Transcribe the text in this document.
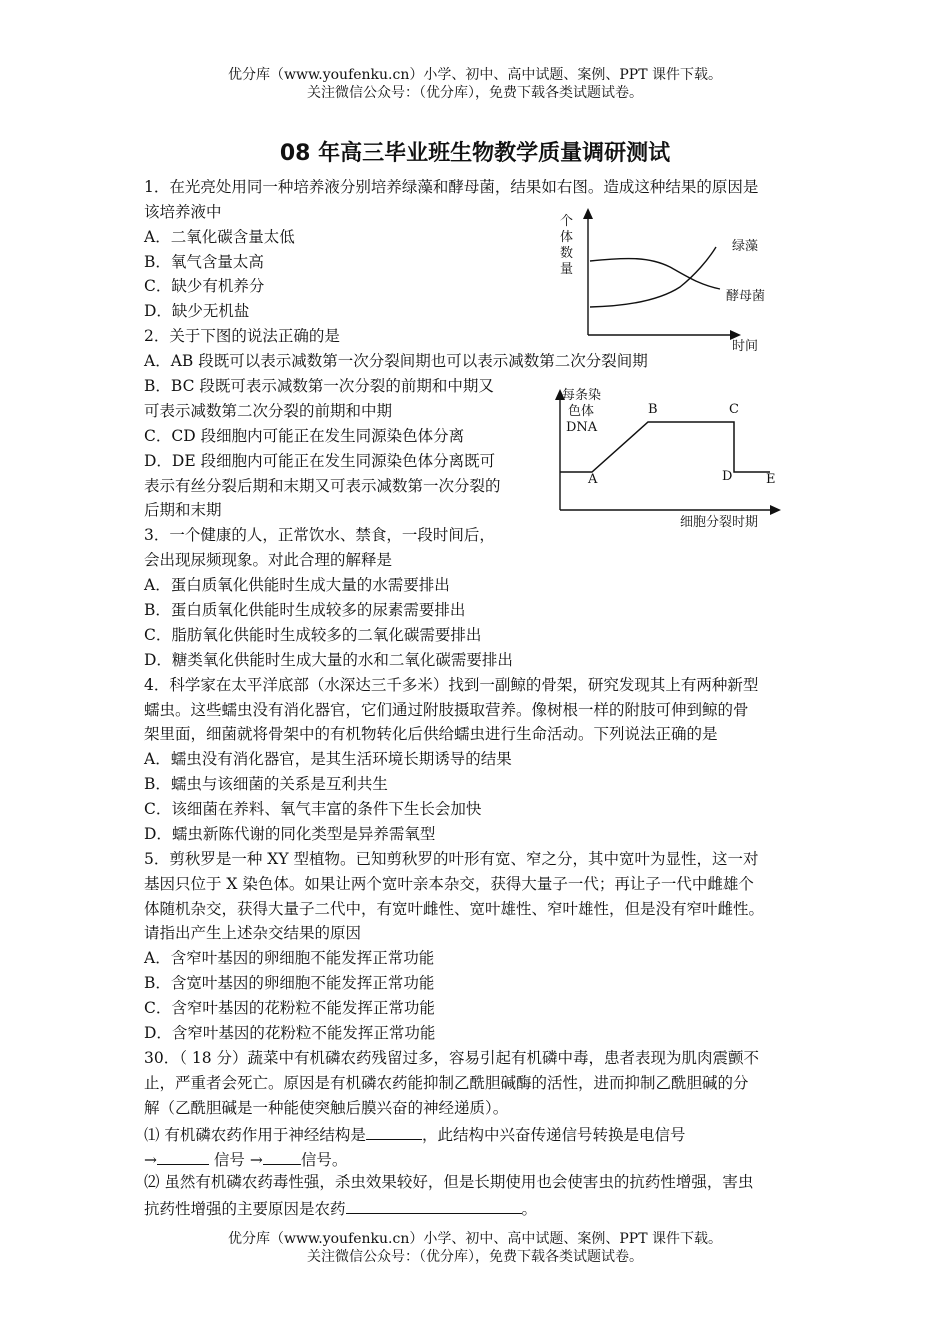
优分库（www.youfenku.cn）小学、初中、高中试题、案例、PPT 课件下载。
关注微信公众号：（优分库），免费下载各类试题试卷。
08 年高三毕业班生物教学质量调研测试
1．在光亮处用同一种培养液分别培养绿藻和酵母菌，结果如右图。造成这种结果的原因是
该培养液中
A．二氧化碳含量太低
B．氧气含量太高
C．缺少有机养分
D．缺少无机盐
2．关于下图的说法正确的是
A．AB 段既可以表示减数第一次分裂间期也可以表示减数第二次分裂间期
B．BC 段既可表示减数第一次分裂的前期和中期又
可表示减数第二次分裂的前期和中期
C．CD 段细胞内可能正在发生同源染色体分离
D．DE 段细胞内可能正在发生同源染色体分离既可
表示有丝分裂后期和末期又可表示减数第一次分裂的
后期和末期
3．一个健康的人，正常饮水、禁食，一段时间后，
会出现尿频现象。对此合理的解释是
A．蛋白质氧化供能时生成大量的水需要排出
B．蛋白质氧化供能时生成较多的尿素需要排出
C．脂肪氧化供能时生成较多的二氧化碳需要排出
D．糖类氧化供能时生成大量的水和二氧化碳需要排出
4．科学家在太平洋底部（水深达三千多米）找到一副鲸的骨架，研究发现其上有两种新型
蠕虫。这些蠕虫没有消化器官，它们通过附肢摄取营养。像树根一样的附肢可伸到鲸的骨
架里面，细菌就将骨架中的有机物转化后供给蠕虫进行生命活动。下列说法正确的是
A．蠕虫没有消化器官，是其生活环境长期诱导的结果
B．蠕虫与该细菌的关系是互利共生
C．该细菌在养料、氧气丰富的条件下生长会加快
D．蠕虫新陈代谢的同化类型是异养需氧型
5．剪秋罗是一种 XY 型植物。已知剪秋罗的叶形有宽、窄之分，其中宽叶为显性，这一对
基因只位于 X 染色体。如果让两个宽叶亲本杂交，获得大量子一代；再让子一代中雌雄个
体随机杂交，获得大量子二代中，有宽叶雌性、宽叶雄性、窄叶雄性，但是没有窄叶雌性。
请指出产生上述杂交结果的原因
A．含窄叶基因的卵细胞不能发挥正常功能
B．含宽叶基因的卵细胞不能发挥正常功能
C．含窄叶基因的花粉粒不能发挥正常功能
D．含窄叶基因的花粉粒不能发挥正常功能
30．（ 18 分）蔬菜中有机磷农药残留过多，容易引起有机磷中毒，患者表现为肌肉震颤不
止，严重者会死亡。原因是有机磷农药能抑制乙酰胆碱酶的活性，进而抑制乙酰胆碱的分
解（乙酰胆碱是一种能使突触后膜兴奋的神经递质）。
⑴ 有机磷农药作用于神经结构是	，此结构中兴奋传递信号转换是电信号
→	信号 → 信号。
⑵ 虽然有机磷农药毒性强，杀虫效果较好，但是长期使用也会使害虫的抗药性增强，害虫
抗药性增强的主要原因是农药	。
优分库（www.youfenku.cn）小学、初中、高中试题、案例、PPT 课件下载。
关注微信公众号：（优分库），免费下载各类试题试卷。
个
体
数
量
时间
绿藻
酵母菌
每条染
色体
DNA
细胞分裂时期
A
B	C
D	E
